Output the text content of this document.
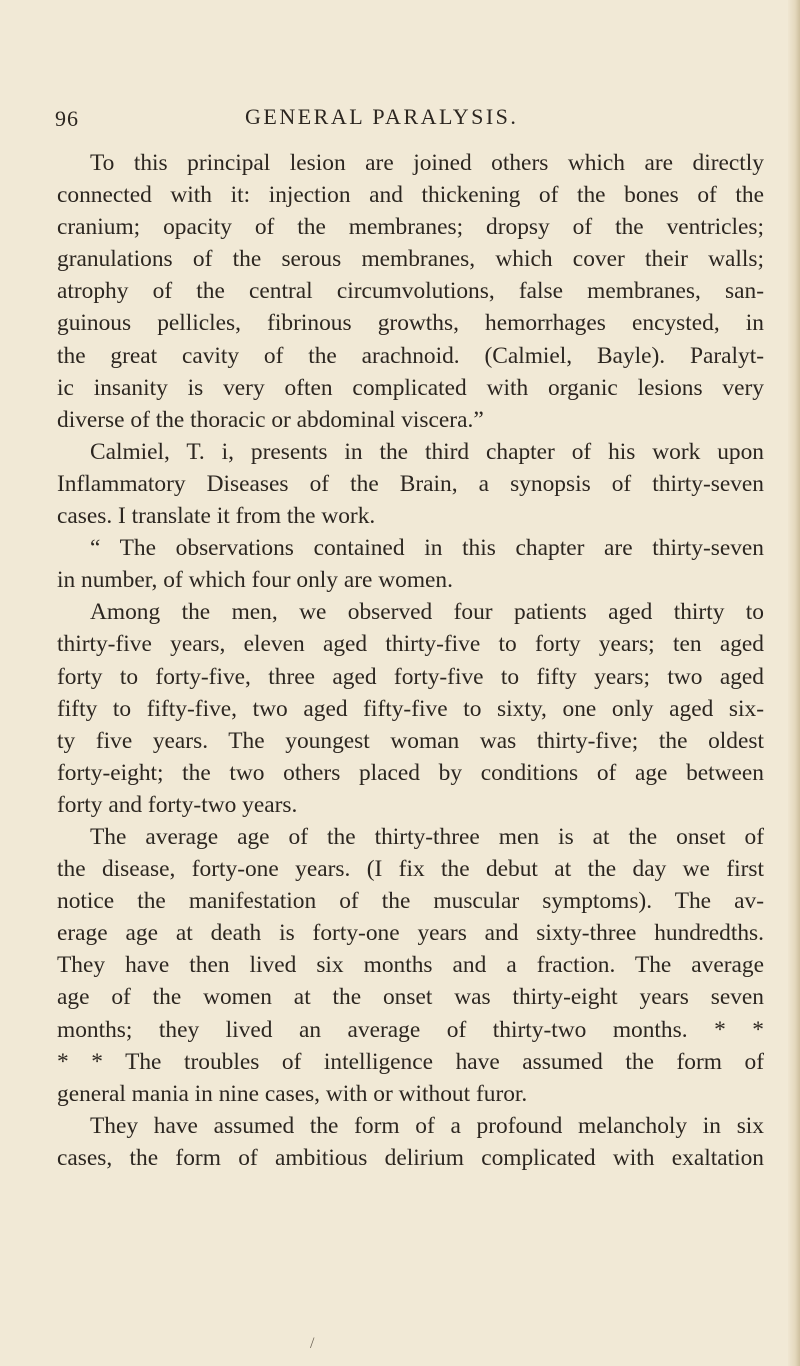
96	GENERAL PARALYSIS.
To this principal lesion are joined others which are directly
connected with it: injection and thickening of the bones of the
cranium; opacity of the membranes; dropsy of the ventricles;
granulations of the serous membranes, which cover their walls;
atrophy of the central circumvolutions, false membranes, san-
guinous pellicles, fibrinous growths, hemorrhages encysted, in
the great cavity of the arachnoid. (Calmiel, Bayle). Paralyt-
ic insanity is very often complicated with organic lesions very
diverse of the thoracic or abdominal viscera.”
Calmiel, T. i, presents in the third chapter of his work upon
Inflammatory Diseases of the Brain, a synopsis of thirty-seven
cases. I translate it from the work.
“ The observations contained in this chapter are thirty-seven
in number, of which four only are women.
Among the men, we observed four patients aged thirty to
thirty-five years, eleven aged thirty-five to forty years; ten aged
forty to forty-five, three aged forty-five to fifty years; two aged
fifty to fifty-five, two aged fifty-five to sixty, one only aged six-
ty five years. The youngest woman was thirty-five; the oldest
forty-eight; the two others placed by conditions of age between
forty and forty-two years.
The average age of the thirty-three men is at the onset of
the disease, forty-one years. (I fix the debut at the day we first
notice the manifestation of the muscular symptoms). The av-
erage age at death is forty-one years and sixty-three hundredths.
They have then lived six months and a fraction. The average
age of the women at the onset was thirty-eight years seven
months; they lived an average of thirty-two months. * *
* * The troubles of intelligence have assumed the form of
general mania in nine cases, with or without furor.
They have assumed the form of a profound melancholy in six
cases, the form of ambitious delirium complicated with exaltation
/
